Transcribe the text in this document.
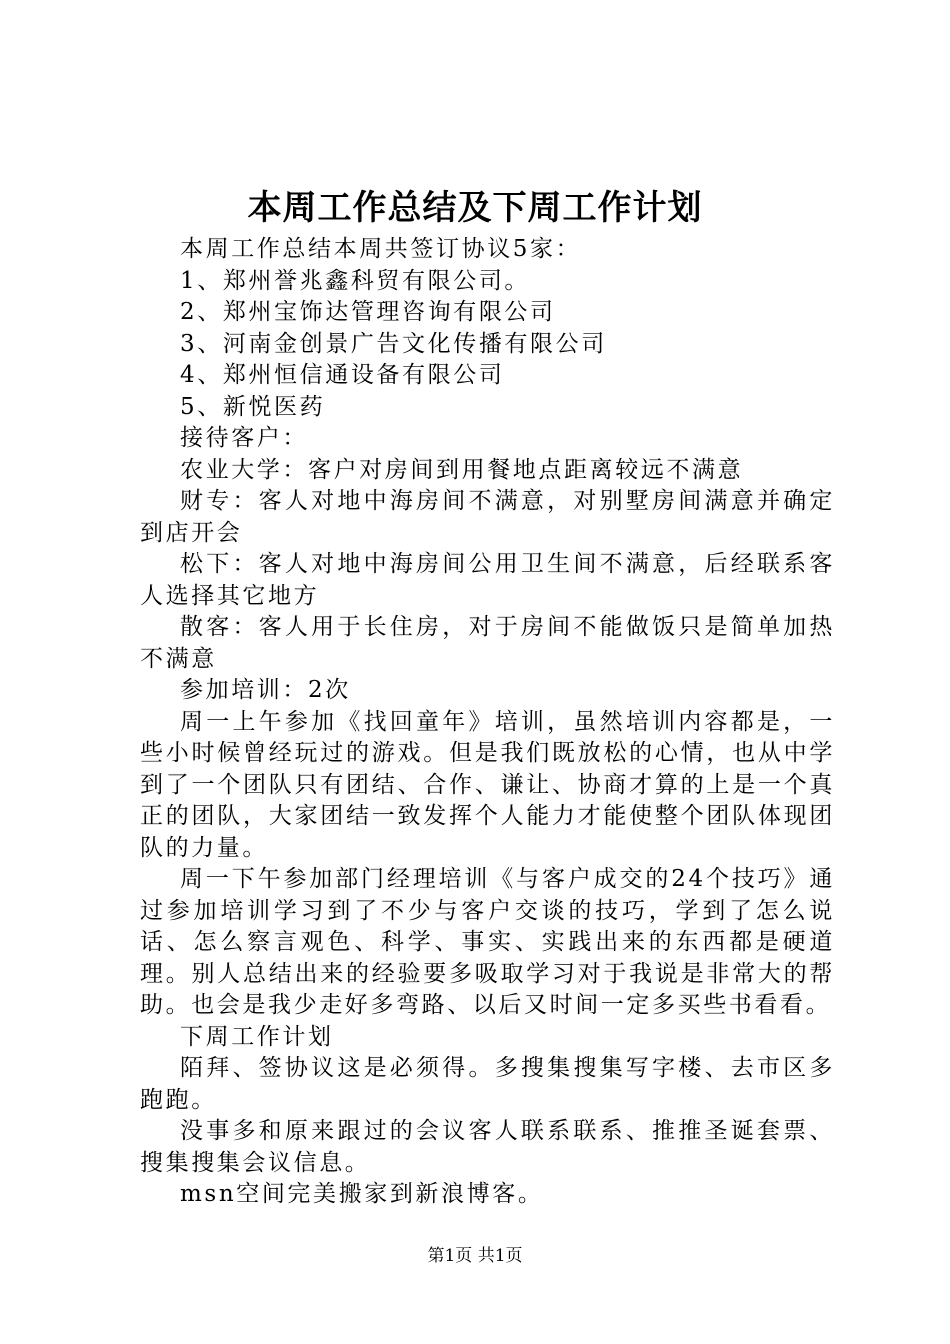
本周工作总结及下周工作计划

本周工作总结本周共签订协议5家：

1、郑州誉兆鑫科贸有限公司。

2、郑州宝饰达管理咨询有限公司

3、河南金创景广告文化传播有限公司

4、郑州恒信通设备有限公司

5、新悦医药

接待客户：

农业大学：客户对房间到用餐地点距离较远不满意

财专：客人对地中海房间不满意，对别墅房间满意并确定到店开会

松下：客人对地中海房间公用卫生间不满意，后经联系客人选择其它地方

散客：客人用于长住房，对于房间不能做饭只是简单加热不满意

参加培训：2次

周一上午参加《找回童年》培训，虽然培训内容都是，一些小时候曾经玩过的游戏。但是我们既放松的心情，也从中学到了一个团队只有团结、合作、谦让、协商才算的上是一个真正的团队，大家团结一致发挥个人能力才能使整个团队体现团队的力量。

周一下午参加部门经理培训《与客户成交的24个技巧》通过参加培训学习到了不少与客户交谈的技巧，学到了怎么说话、怎么察言观色、科学、事实、实践出来的东西都是硬道理。别人总结出来的经验要多吸取学习对于我说是非常大的帮助。也会是我少走好多弯路、以后又时间一定多买些书看看。

下周工作计划

陌拜、签协议这是必须得。多搜集搜集写字楼、去市区多跑跑。

没事多和原来跟过的会议客人联系联系、推推圣诞套票、搜集搜集会议信息。

msn空间完美搬家到新浪博客。

第1页 共1页
